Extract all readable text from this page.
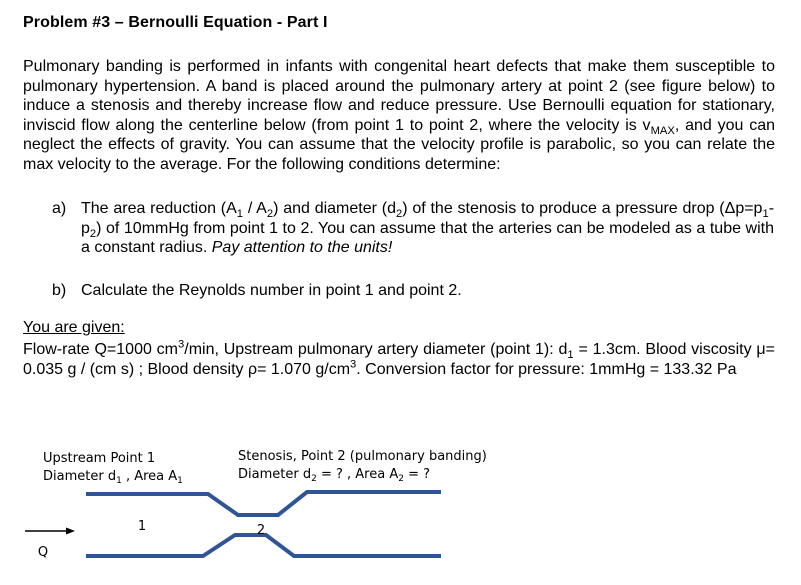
Problem #3 – Bernoulli Equation - Part I
Pulmonary banding is performed in infants with congenital heart defects that make them susceptible to pulmonary hypertension. A band is placed around the pulmonary artery at point 2 (see figure below) to induce a stenosis and thereby increase flow and reduce pressure. Use Bernoulli equation for stationary, inviscid flow along the centerline below (from point 1 to point 2, where the velocity is $v_{MAX}$, and you can neglect the effects of gravity. You can assume that the velocity profile is parabolic, so you can relate the max velocity to the average. For the following conditions determine:
a) The area reduction $(A_1 / A_2)$ and diameter $(d_2)$ of the stenosis to produce a pressure drop $(\Delta p=p_1-p_2)$ of 10mmHg from point 1 to 2. You can assume that the arteries can be modeled as a tube with a constant radius. Pay attention to the units!
b) Calculate the Reynolds number in point 1 and point 2.
You are given:
Flow-rate Q=1000 $cm^3/\min$, Upstream pulmonary artery diameter (point 1): $d_1 = 1.3cm$. Blood viscosity μ= 0.035 g / (cm s) ; Blood density ρ= 1.070 $g/cm^3$. Conversion factor for pressure: 1mmHg = 133.32 Pa
Upstream Point 1
Diameter $d_1$ , Area $A_1$
Stenosis, Point 2 (pulmonary banding)
Diameter $d_2$ = ? , Area $A_2$ = ?
1	2
Q
